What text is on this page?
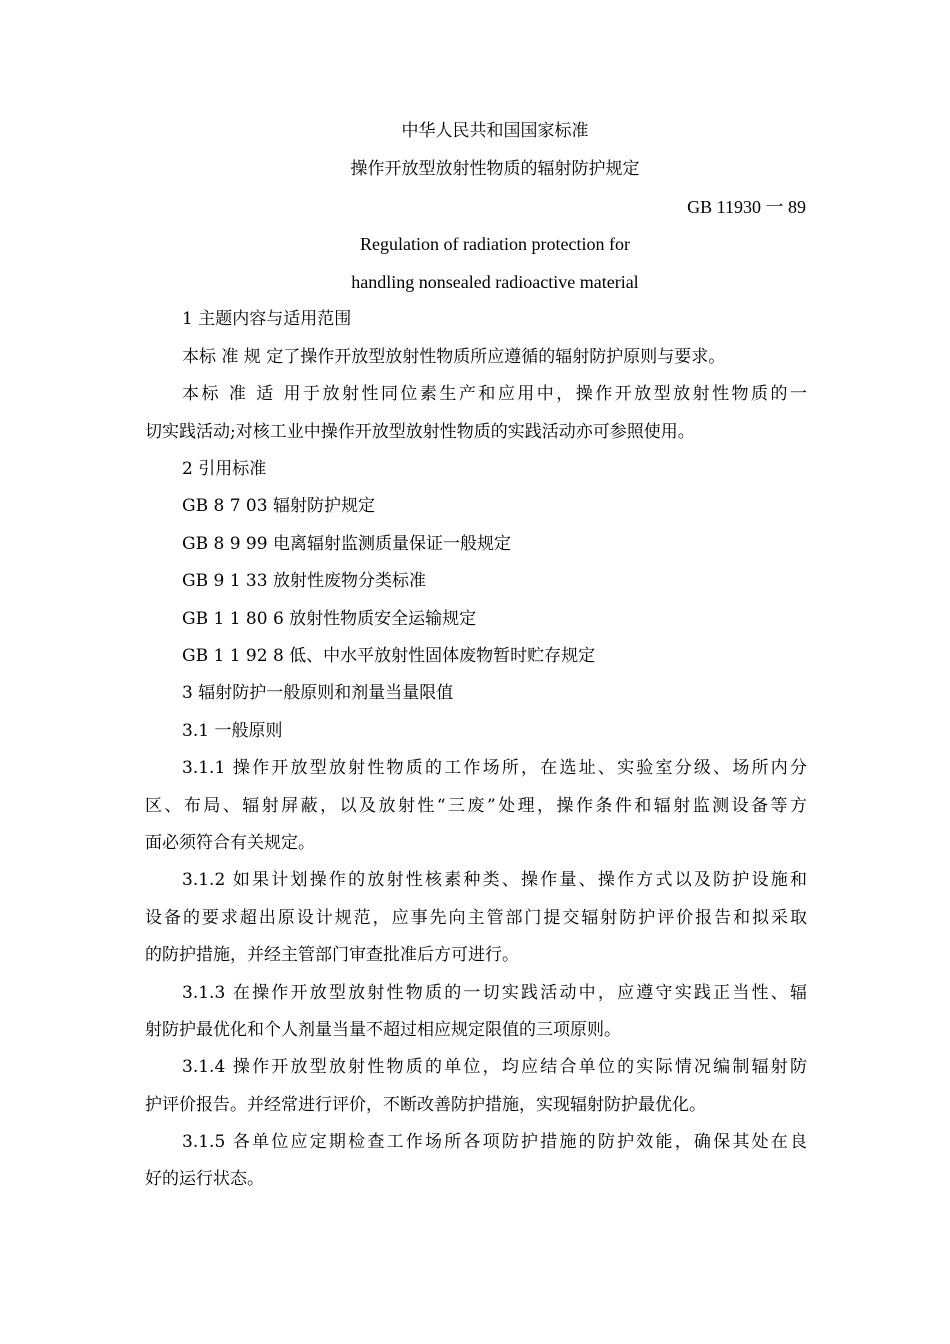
中华人民共和国国家标准
操作开放型放射性物质的辐射防护规定
GB 11930 一 89
Regulation of radiation protection for
handling nonsealed radioactive material
1 主题内容与适用范围
本标 准 规 定了操作开放型放射性物质所应遵循的辐射防护原则与要求。
本标 准 适 用于放射性同位素生产和应用中，操作开放型放射性物质的一
切实践活动;对核工业中操作开放型放射性物质的实践活动亦可参照使用。
2 引用标准
GB 8 7 03 辐射防护规定
GB 8 9 99 电离辐射监测质量保证一般规定
GB 9 1 33 放射性废物分类标准
GB 1 1 80 6 放射性物质安全运输规定
GB 1 1 92 8 低、中水平放射性固体废物暂时贮存规定
3 辐射防护一般原则和剂量当量限值
3.1 一般原则
3.1.1 操作开放型放射性物质的工作场所，在选址、实验室分级、场所内分
区、布局、辐射屏蔽，以及放射性“三废”处理，操作条件和辐射监测设备等方
面必须符合有关规定。
3.1.2 如果计划操作的放射性核素种类、操作量、操作方式以及防护设施和
设备的要求超出原设计规范，应事先向主管部门提交辐射防护评价报告和拟采取
的防护措施，并经主管部门审查批准后方可进行。
3.1.3 在操作开放型放射性物质的一切实践活动中，应遵守实践正当性、辐
射防护最优化和个人剂量当量不超过相应规定限值的三项原则。
3.1.4 操作开放型放射性物质的单位，均应结合单位的实际情况编制辐射防
护评价报告。并经常进行评价，不断改善防护措施，实现辐射防护最优化。
3.1.5 各单位应定期检查工作场所各项防护措施的防护效能，确保其处在良
好的运行状态。
